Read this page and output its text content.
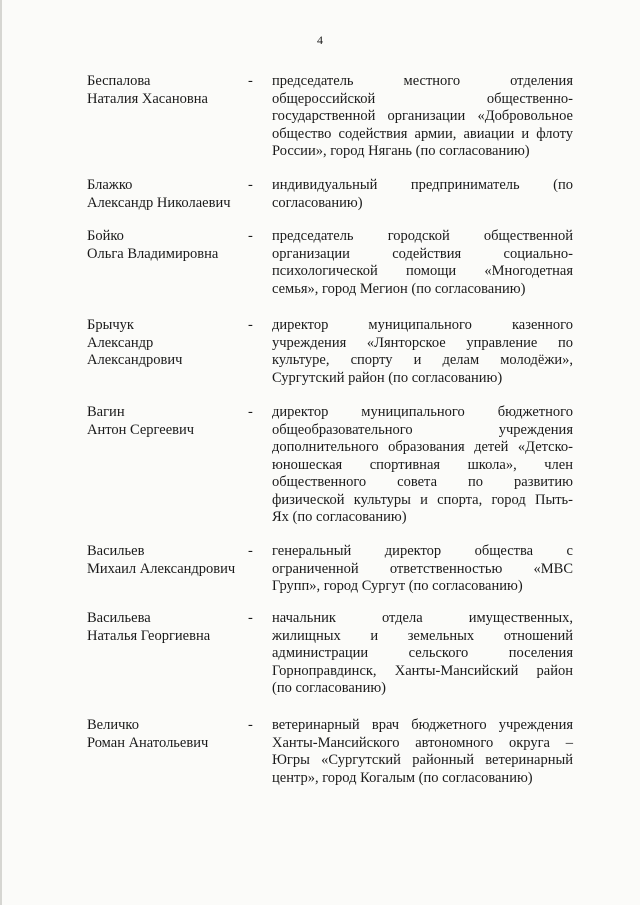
4
Беспалова
Наталия Хасановна
-	председатель местного отделения
общероссийской общественно-
государственной организации «Добровольное
общество содействия армии, авиации и флоту
России», город Нягань (по согласованию)
Блажко
Александр Николаевич
-	индивидуальный предприниматель (по
согласованию)
Бойко
Ольга Владимировна
-	председатель городской общественной
организации содействия социально-
психологической помощи «Многодетная
семья», город Мегион (по согласованию)
Брычук
Александр
Александрович
-	директор муниципального казенного
учреждения «Лянторское управление по
культуре, спорту и делам молодёжи»,
Сургутский район (по согласованию)
Вагин
Антон Сергеевич
-	директор муниципального бюджетного
общеобразовательного учреждения
дополнительного образования детей «Детско-
юношеская спортивная школа», член
общественного совета по развитию
физической культуры и спорта, город Пыть-
Ях (по согласованию)
Васильев
Михаил Александрович
-	генеральный директор общества с
ограниченной ответственностью «МВС
Групп», город Сургут (по согласованию)
Васильева
Наталья Георгиевна
-	начальник отдела имущественных,
жилищных и земельных отношений
администрации сельского поселения
Горноправдинск, Ханты-Мансийский район
(по согласованию)
Величко
Роман Анатольевич
-	ветеринарный врач бюджетного учреждения
Ханты-Мансийского автономного округа –
Югры «Сургутский районный ветеринарный
центр», город Когалым (по согласованию)
